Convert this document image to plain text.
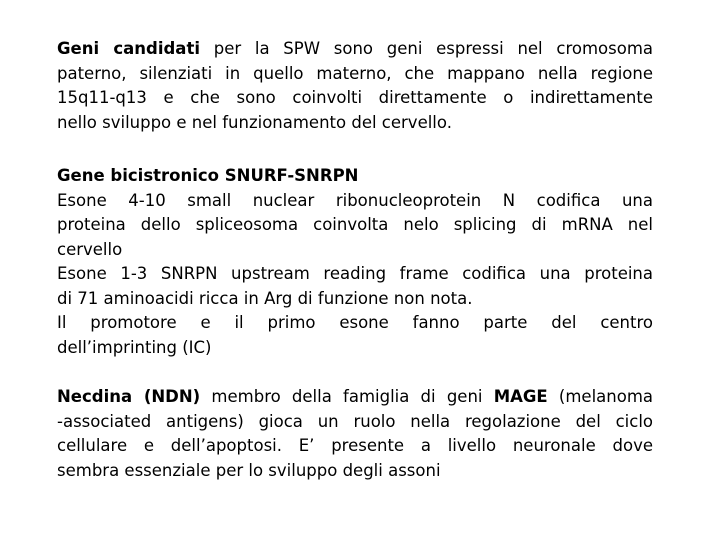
Geni candidati per la SPW sono geni espressi nel cromosoma
paterno, silenziati in quello materno, che mappano nella regione
15q11-q13 e che sono coinvolti direttamente o indirettamente
nello sviluppo e nel funzionamento del cervello.
Gene bicistronico SNURF-SNRPN
Esone 4-10 small nuclear ribonucleoprotein N codifica una
proteina dello spliceosoma coinvolta nelo splicing di mRNA nel
cervello
Esone 1-3 SNRPN upstream reading frame codifica una proteina
di 71 aminoacidi ricca in Arg di funzione non nota.
Il promotore e il primo esone fanno parte del centro
dell’imprinting (IC)
Necdina (NDN) membro della famiglia di geni MAGE (melanoma
-associated antigens) gioca un ruolo nella regolazione del ciclo
cellulare e dell’apoptosi. E’ presente a livello neuronale dove
sembra essenziale per lo sviluppo degli assoni
